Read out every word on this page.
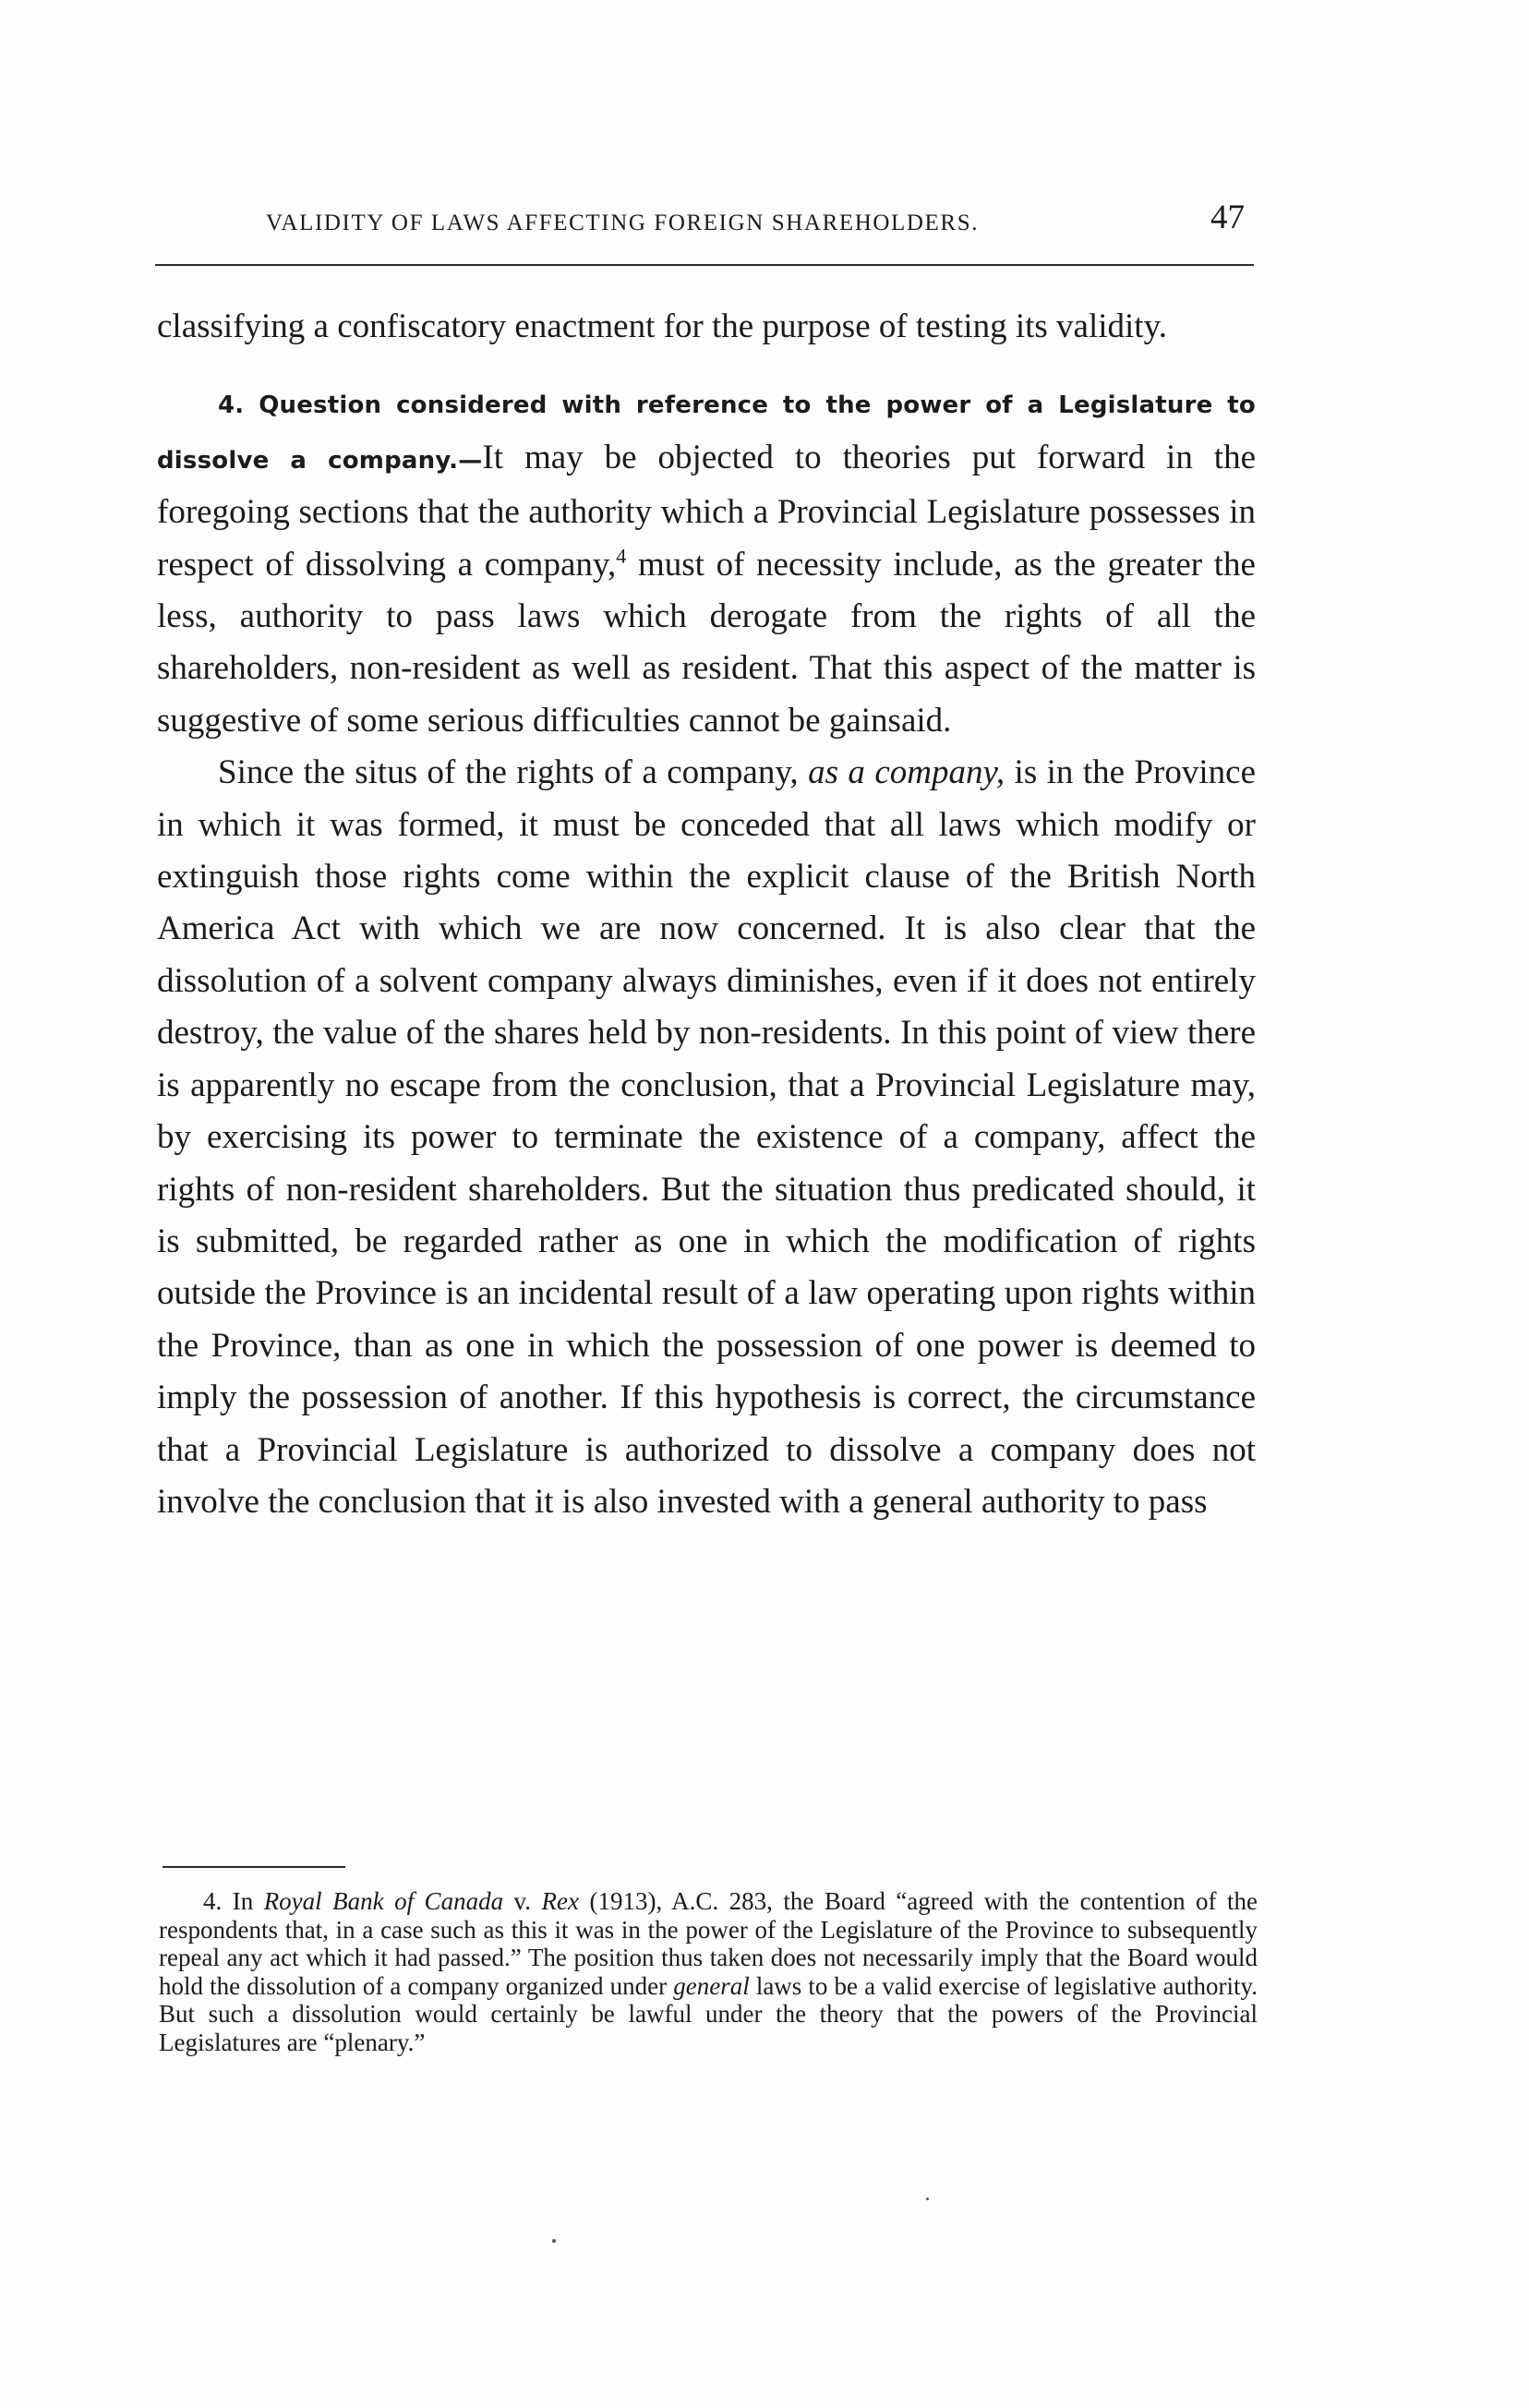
VALIDITY OF LAWS AFFECTING FOREIGN SHAREHOLDERS.	47

classifying a confiscatory enactment for the purpose of testing its validity.

4. Question considered with reference to the power of a Legislature to dissolve a company.—It may be objected to theories put forward in the foregoing sections that the authority which a Provincial Legislature possesses in respect of dissolving a company,$^4$ must of necessity include, as the greater the less, authority to pass laws which derogate from the rights of all the shareholders, non-resident as well as resident. That this aspect of the matter is suggestive of some serious difficulties cannot be gainsaid.

Since the situs of the rights of a company, as a company, is in the Province in which it was formed, it must be conceded that all laws which modify or extinguish those rights come within the explicit clause of the British North America Act with which we are now concerned. It is also clear that the dissolution of a solvent company always diminishes, even if it does not entirely destroy, the value of the shares held by non-residents. In this point of view there is apparently no escape from the conclusion, that a Provincial Legislature may, by exercising its power to terminate the existence of a company, affect the rights of non-resident shareholders. But the situation thus predicated should, it is submitted, be regarded rather as one in which the modification of rights outside the Province is an incidental result of a law operating upon rights within the Province, than as one in which the possession of one power is deemed to imply the possession of another. If this hypothesis is correct, the circumstance that a Provincial Legislature is authorized to dissolve a company does not involve the conclusion that it is also invested with a general authority to pass

4. In Royal Bank of Canada v. Rex (1913), A.C. 283, the Board “agreed with the contention of the respondents that, in a case such as this it was in the power of the Legislature of the Province to subsequently repeal any act which it had passed.” The position thus taken does not necessarily imply that the Board would hold the dissolution of a company organized under general laws to be a valid exercise of legislative authority. But such a dissolution would certainly be lawful under the theory that the powers of the Provincial Legislatures are “plenary.”
